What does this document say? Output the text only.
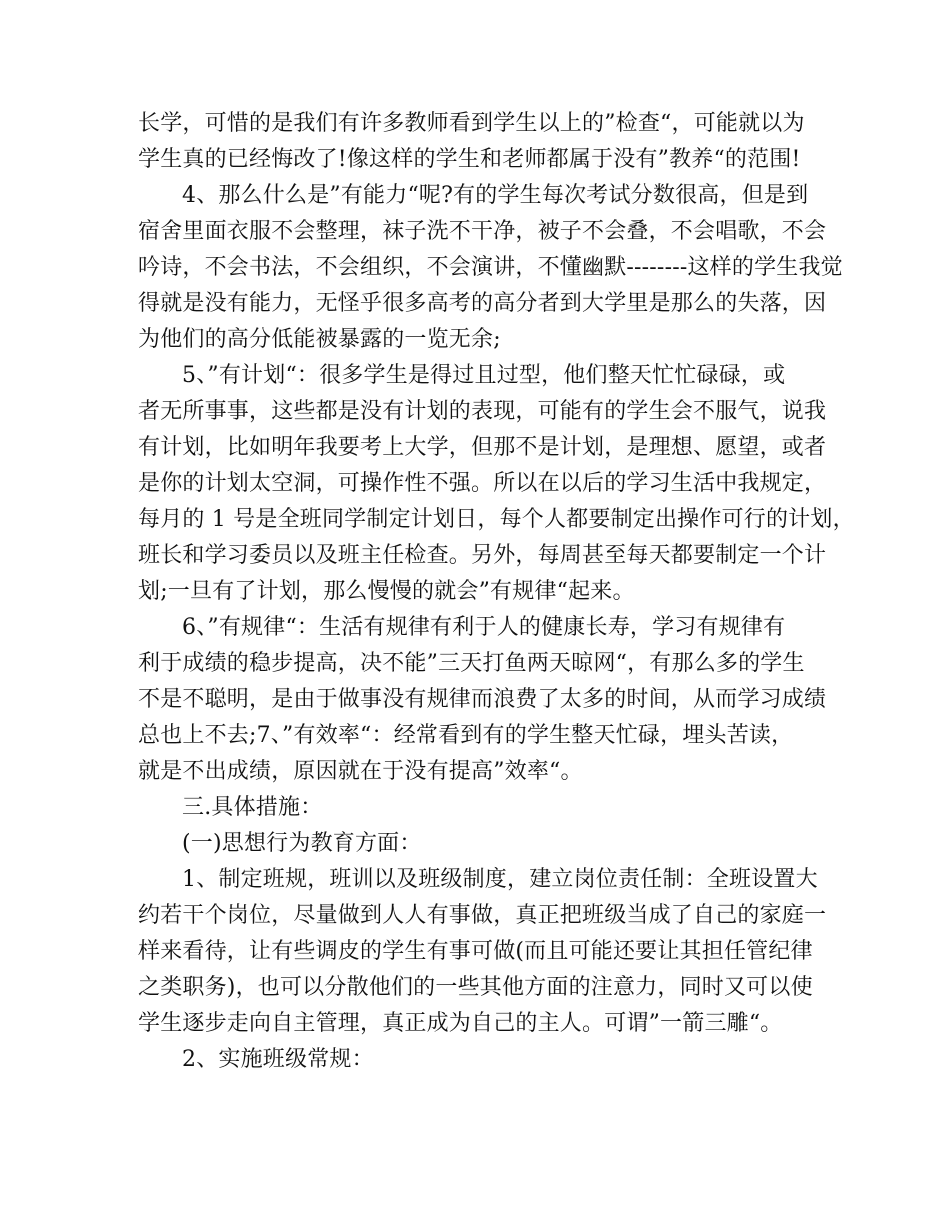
长学，可惜的是我们有许多教师看到学生以上的”检查“，可能就以为

学生真的已经悔改了!像这样的学生和老师都属于没有”教养“的范围!

4、那么什么是”有能力“呢?有的学生每次考试分数很高，但是到

宿舍里面衣服不会整理，袜子洗不干净，被子不会叠，不会唱歌，不会

吟诗，不会书法，不会组织，不会演讲，不懂幽默--------这样的学生我觉

得就是没有能力，无怪乎很多高考的高分者到大学里是那么的失落，因

为他们的高分低能被暴露的一览无余;

5、”有计划“：很多学生是得过且过型，他们整天忙忙碌碌，或

者无所事事，这些都是没有计划的表现，可能有的学生会不服气，说我

有计划，比如明年我要考上大学，但那不是计划，是理想、愿望，或者

是你的计划太空洞，可操作性不强。所以在以后的学习生活中我规定，

每月的 1 号是全班同学制定计划日，每个人都要制定出操作可行的计划，

班长和学习委员以及班主任检查。另外，每周甚至每天都要制定一个计

划;一旦有了计划，那么慢慢的就会”有规律“起来。

6、”有规律“：生活有规律有利于人的健康长寿，学习有规律有

利于成绩的稳步提高，决不能”三天打鱼两天晾网“，有那么多的学生

不是不聪明，是由于做事没有规律而浪费了太多的时间，从而学习成绩

总也上不去;7、”有效率“：经常看到有的学生整天忙碌，埋头苦读，

就是不出成绩，原因就在于没有提高”效率“。

三.具体措施：

(一)思想行为教育方面：

1、制定班规，班训以及班级制度，建立岗位责任制：全班设置大

约若干个岗位，尽量做到人人有事做，真正把班级当成了自己的家庭一

样来看待，让有些调皮的学生有事可做(而且可能还要让其担任管纪律

之类职务)，也可以分散他们的一些其他方面的注意力，同时又可以使

学生逐步走向自主管理，真正成为自己的主人。可谓”一箭三雕“。

2、实施班级常规：
